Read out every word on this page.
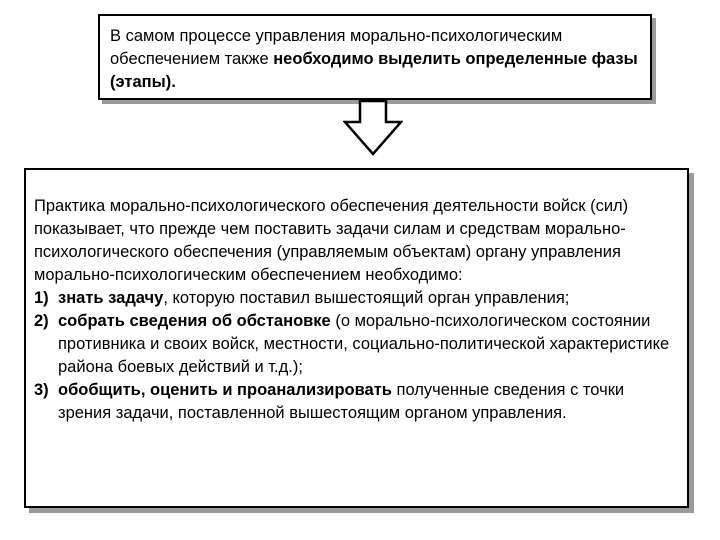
В самом процессе управления морально-психологическим обеспечением также необходимо выделить определенные фазы (этапы).

Практика морально-психологического обеспечения деятельности войск (сил) показывает, что прежде чем поставить задачи силам и средствам морально-психологического обеспечения (управляемым объектам) органу управления морально-психологическим обеспечением необходимо:

1) знать задачу, которую поставил вышестоящий орган управления;
2) собрать сведения об обстановке (о морально-психологическом состоянии противника и своих войск, местности, социально-политической характеристике района боевых действий и т.д.);
3) обобщить, оценить и проанализировать полученные сведения с точки зрения задачи, поставленной вышестоящим органом управления.
